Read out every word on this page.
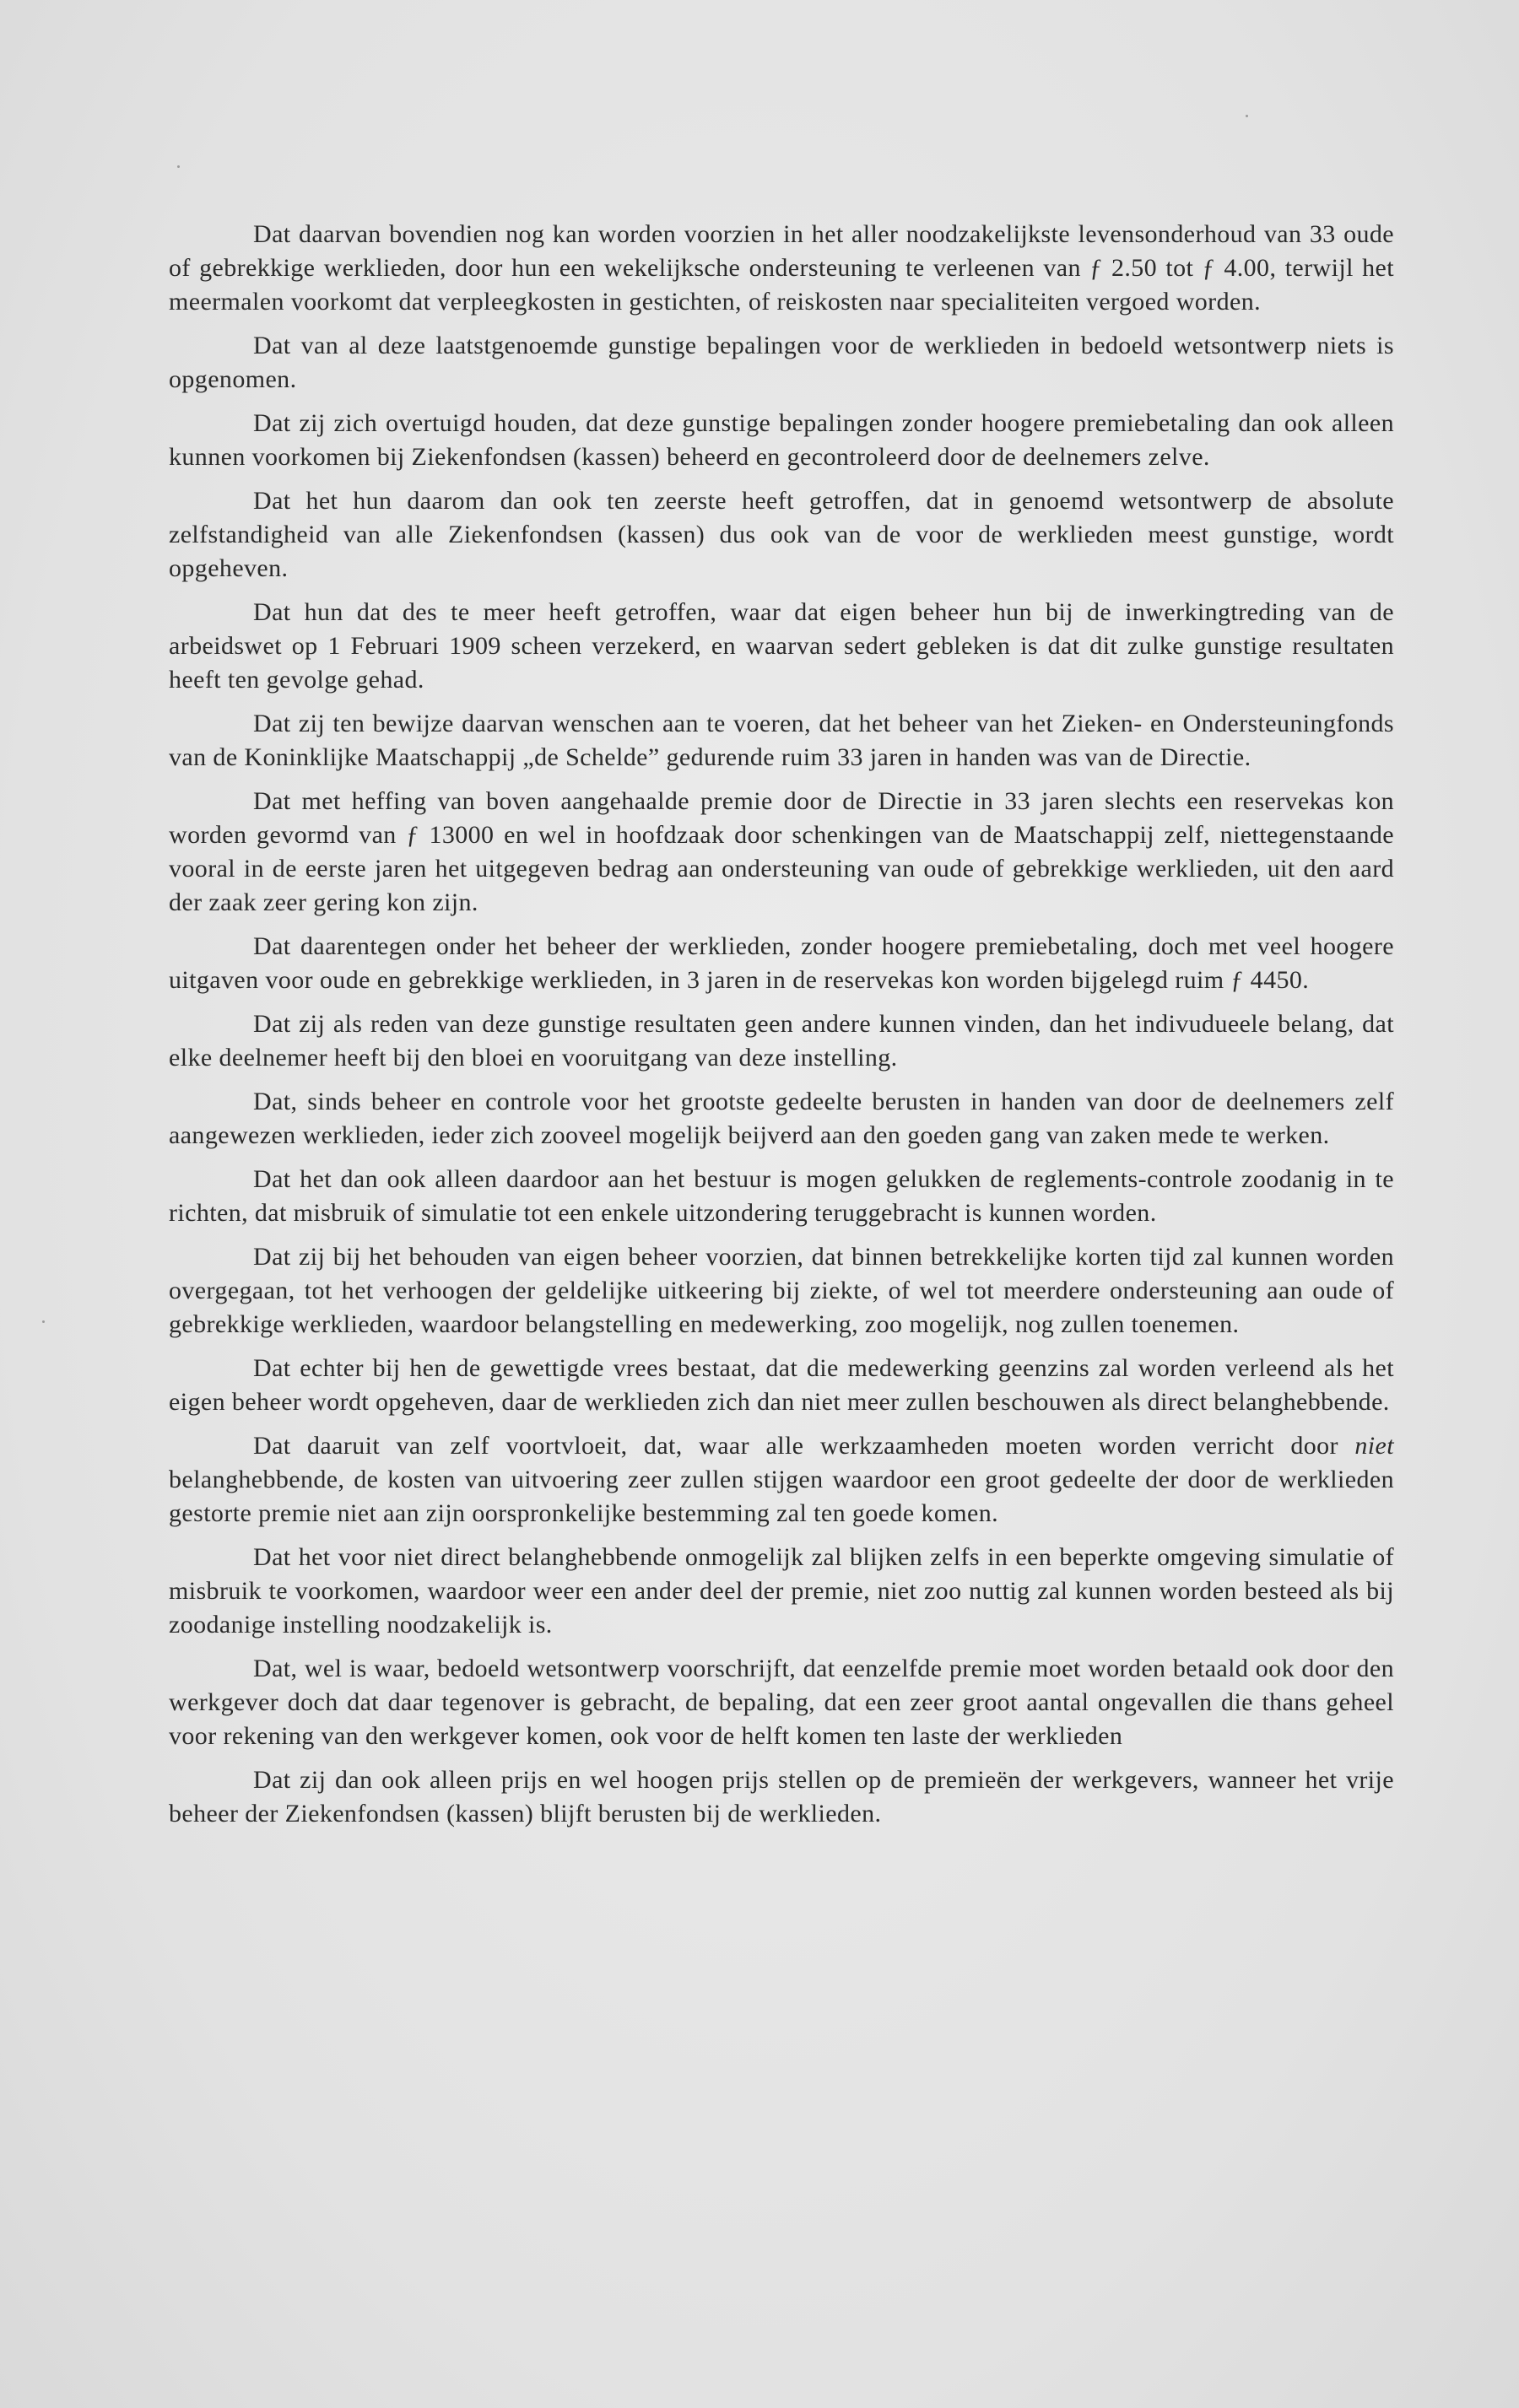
Dat daarvan bovendien nog kan worden voorzien in het aller noodzakelijkste levensonderhoud van 33 oude of gebrekkige werklieden, door hun een wekelijksche ondersteuning te verleenen van ƒ 2.50 tot ƒ 4.00, terwijl het meermalen voorkomt dat verpleegkosten in gestichten, of reiskosten naar specialiteiten vergoed worden.

Dat van al deze laatstgenoemde gunstige bepalingen voor de werklieden in bedoeld wetsontwerp niets is opgenomen.

Dat zij zich overtuigd houden, dat deze gunstige bepalingen zonder hoogere premiebetaling dan ook alleen kunnen voorkomen bij Ziekenfondsen (kassen) beheerd en gecontroleerd door de deelnemers zelve.

Dat het hun daarom dan ook ten zeerste heeft getroffen, dat in genoemd wetsontwerp de absolute zelfstandigheid van alle Ziekenfondsen (kassen) dus ook van de voor de werklieden meest gunstige, wordt opgeheven.

Dat hun dat des te meer heeft getroffen, waar dat eigen beheer hun bij de inwerkingtreding van de arbeidswet op 1 Februari 1909 scheen verzekerd, en waarvan sedert gebleken is dat dit zulke gunstige resultaten heeft ten gevolge gehad.

Dat zij ten bewijze daarvan wenschen aan te voeren, dat het beheer van het Zieken- en Ondersteuningfonds van de Koninklijke Maatschappij „de Schelde” gedurende ruim 33 jaren in handen was van de Directie.

Dat met heffing van boven aangehaalde premie door de Directie in 33 jaren slechts een reservekas kon worden gevormd van ƒ 13000 en wel in hoofdzaak door schenkingen van de Maatschappij zelf, niettegenstaande vooral in de eerste jaren het uitgegeven bedrag aan ondersteuning van oude of gebrekkige werklieden, uit den aard der zaak zeer gering kon zijn.

Dat daarentegen onder het beheer der werklieden, zonder hoogere premiebetaling, doch met veel hoogere uitgaven voor oude en gebrekkige werklieden, in 3 jaren in de reservekas kon worden bijgelegd ruim ƒ 4450.

Dat zij als reden van deze gunstige resultaten geen andere kunnen vinden, dan het indivudueele belang, dat elke deelnemer heeft bij den bloei en vooruitgang van deze instelling.

Dat, sinds beheer en controle voor het grootste gedeelte berusten in handen van door de deelnemers zelf aangewezen werklieden, ieder zich zooveel mogelijk beijverd aan den goeden gang van zaken mede te werken.

Dat het dan ook alleen daardoor aan het bestuur is mogen gelukken de reglements-controle zoodanig in te richten, dat misbruik of simulatie tot een enkele uitzondering teruggebracht is kunnen worden.

Dat zij bij het behouden van eigen beheer voorzien, dat binnen betrekkelijke korten tijd zal kunnen worden overgegaan, tot het verhoogen der geldelijke uitkeering bij ziekte, of wel tot meerdere ondersteuning aan oude of gebrekkige werklieden, waardoor belangstelling en medewerking, zoo mogelijk, nog zullen toenemen.

Dat echter bij hen de gewettigde vrees bestaat, dat die medewerking geenzins zal worden verleend als het eigen beheer wordt opgeheven, daar de werklieden zich dan niet meer zullen beschouwen als direct belanghebbende.

Dat daaruit van zelf voortvloeit, dat, waar alle werkzaamheden moeten worden verricht door niet belanghebbende, de kosten van uitvoering zeer zullen stijgen waardoor een groot gedeelte der door de werklieden gestorte premie niet aan zijn oorspronkelijke bestemming zal ten goede komen.

Dat het voor niet direct belanghebbende onmogelijk zal blijken zelfs in een beperkte omgeving simulatie of misbruik te voorkomen, waardoor weer een ander deel der premie, niet zoo nuttig zal kunnen worden besteed als bij zoodanige instelling noodzakelijk is.

Dat, wel is waar, bedoeld wetsontwerp voorschrijft, dat eenzelfde premie moet worden betaald ook door den werkgever doch dat daar tegenover is gebracht, de bepaling, dat een zeer groot aantal ongevallen die thans geheel voor rekening van den werkgever komen, ook voor de helft komen ten laste der werklieden

Dat zij dan ook alleen prijs en wel hoogen prijs stellen op de premieën der werkgevers, wanneer het vrije beheer der Ziekenfondsen (kassen) blijft berusten bij de werklieden.
